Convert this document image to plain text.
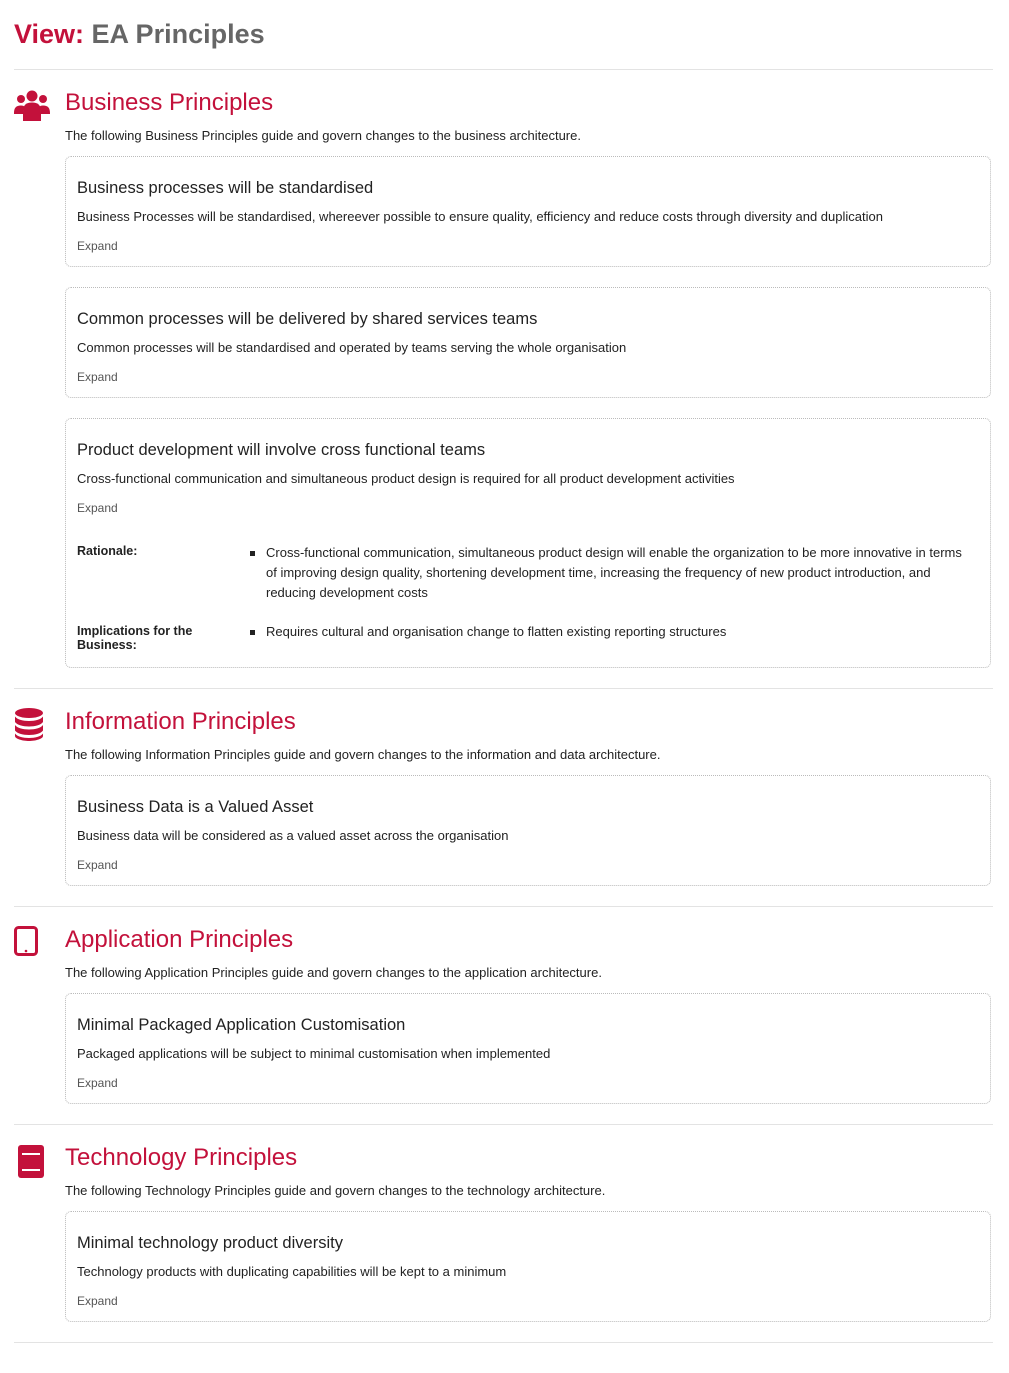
View: EA Principles
Business Principles

The following Business Principles guide and govern changes to the business architecture.

Business processes will be standardised
Business Processes will be standardised, whereever possible to ensure quality, efficiency and reduce costs through diversity and duplication
Expand
Common processes will be delivered by shared services teams
Common processes will be standardised and operated by teams serving the whole organisation
Expand
Product development will involve cross functional teams
Cross-functional communication and simultaneous product design is required for all product development activities
Expand
Rationale:	Cross-functional communication, simultaneous product design will enable the organization to be more innovative in terms of improving design quality, shortening development time, increasing the frequency of new product introduction, and reducing development costs
Implications for the Business:
Requires cultural and organisation change to flatten existing reporting structures
Information Principles

The following Information Principles guide and govern changes to the information and data architecture.

Business Data is a Valued Asset
Business data will be considered as a valued asset across the organisation
Expand
Application Principles

The following Application Principles guide and govern changes to the application architecture.

Minimal Packaged Application Customisation
Packaged applications will be subject to minimal customisation when implemented
Expand
Technology Principles

The following Technology Principles guide and govern changes to the technology architecture.

Minimal technology product diversity
Technology products with duplicating capabilities will be kept to a minimum
Expand
